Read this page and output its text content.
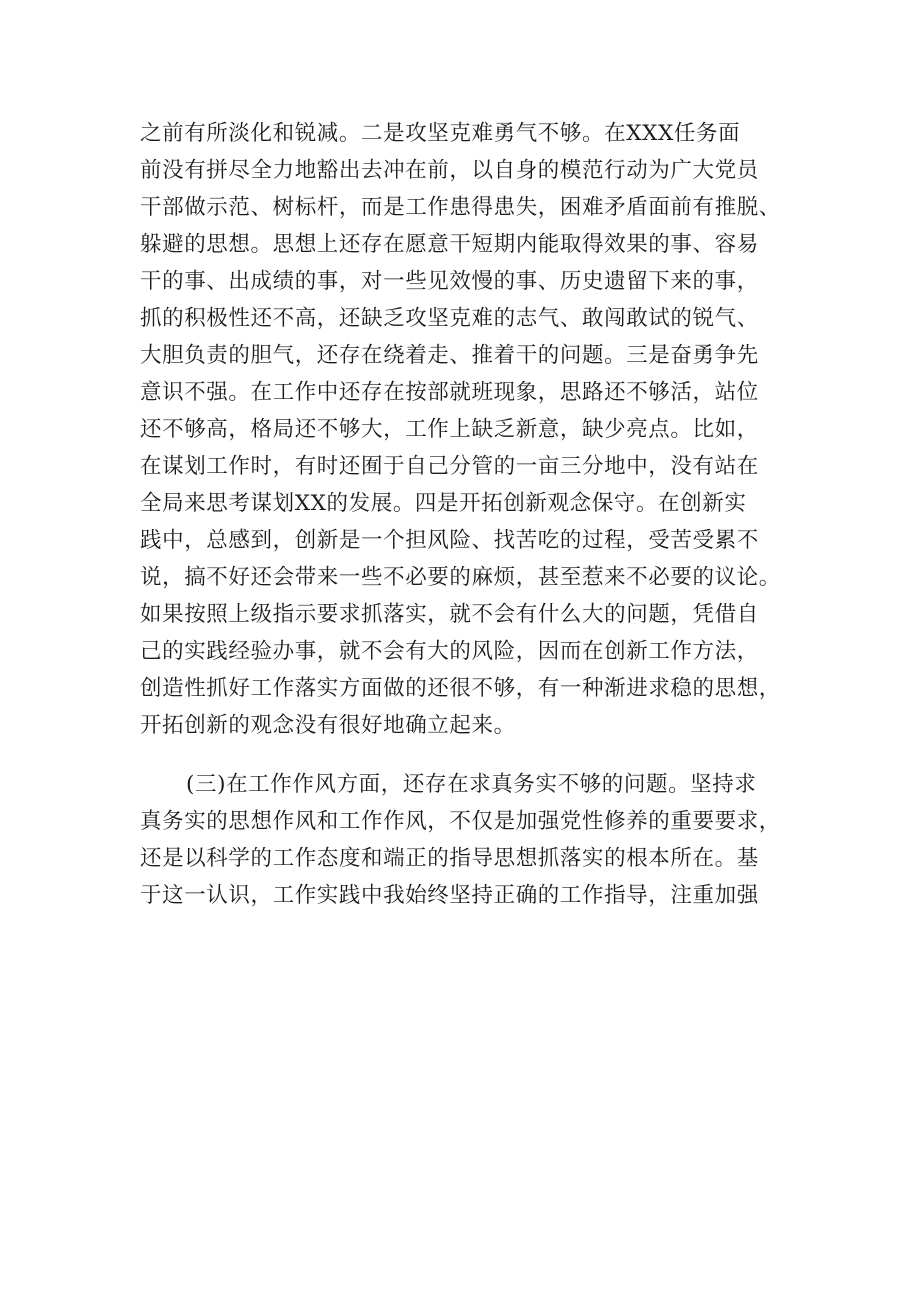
之前有所淡化和锐减。二是攻坚克难勇气不够。在XXX任务面

前没有拼尽全力地豁出去冲在前，以自身的模范行动为广大党员

干部做示范、树标杆，而是工作患得患失，困难矛盾面前有推脱、

躲避的思想。思想上还存在愿意干短期内能取得效果的事、容易

干的事、出成绩的事，对一些见效慢的事、历史遗留下来的事，

抓的积极性还不高，还缺乏攻坚克难的志气、敢闯敢试的锐气、

大胆负责的胆气，还存在绕着走、推着干的问题。三是奋勇争先

意识不强。在工作中还存在按部就班现象，思路还不够活，站位

还不够高，格局还不够大，工作上缺乏新意，缺少亮点。比如，

在谋划工作时，有时还囿于自己分管的一亩三分地中，没有站在

全局来思考谋划XX的发展。四是开拓创新观念保守。在创新实

践中，总感到，创新是一个担风险、找苦吃的过程，受苦受累不

说，搞不好还会带来一些不必要的麻烦，甚至惹来不必要的议论。

如果按照上级指示要求抓落实，就不会有什么大的问题，凭借自

己的实践经验办事，就不会有大的风险，因而在创新工作方法，

创造性抓好工作落实方面做的还很不够，有一种渐进求稳的思想，

开拓创新的观念没有很好地确立起来。

(三)在工作作风方面，还存在求真务实不够的问题。坚持求

真务实的思想作风和工作作风，不仅是加强党性修养的重要要求，

还是以科学的工作态度和端正的指导思想抓落实的根本所在。基

于这一认识，工作实践中我始终坚持正确的工作指导，注重加强
